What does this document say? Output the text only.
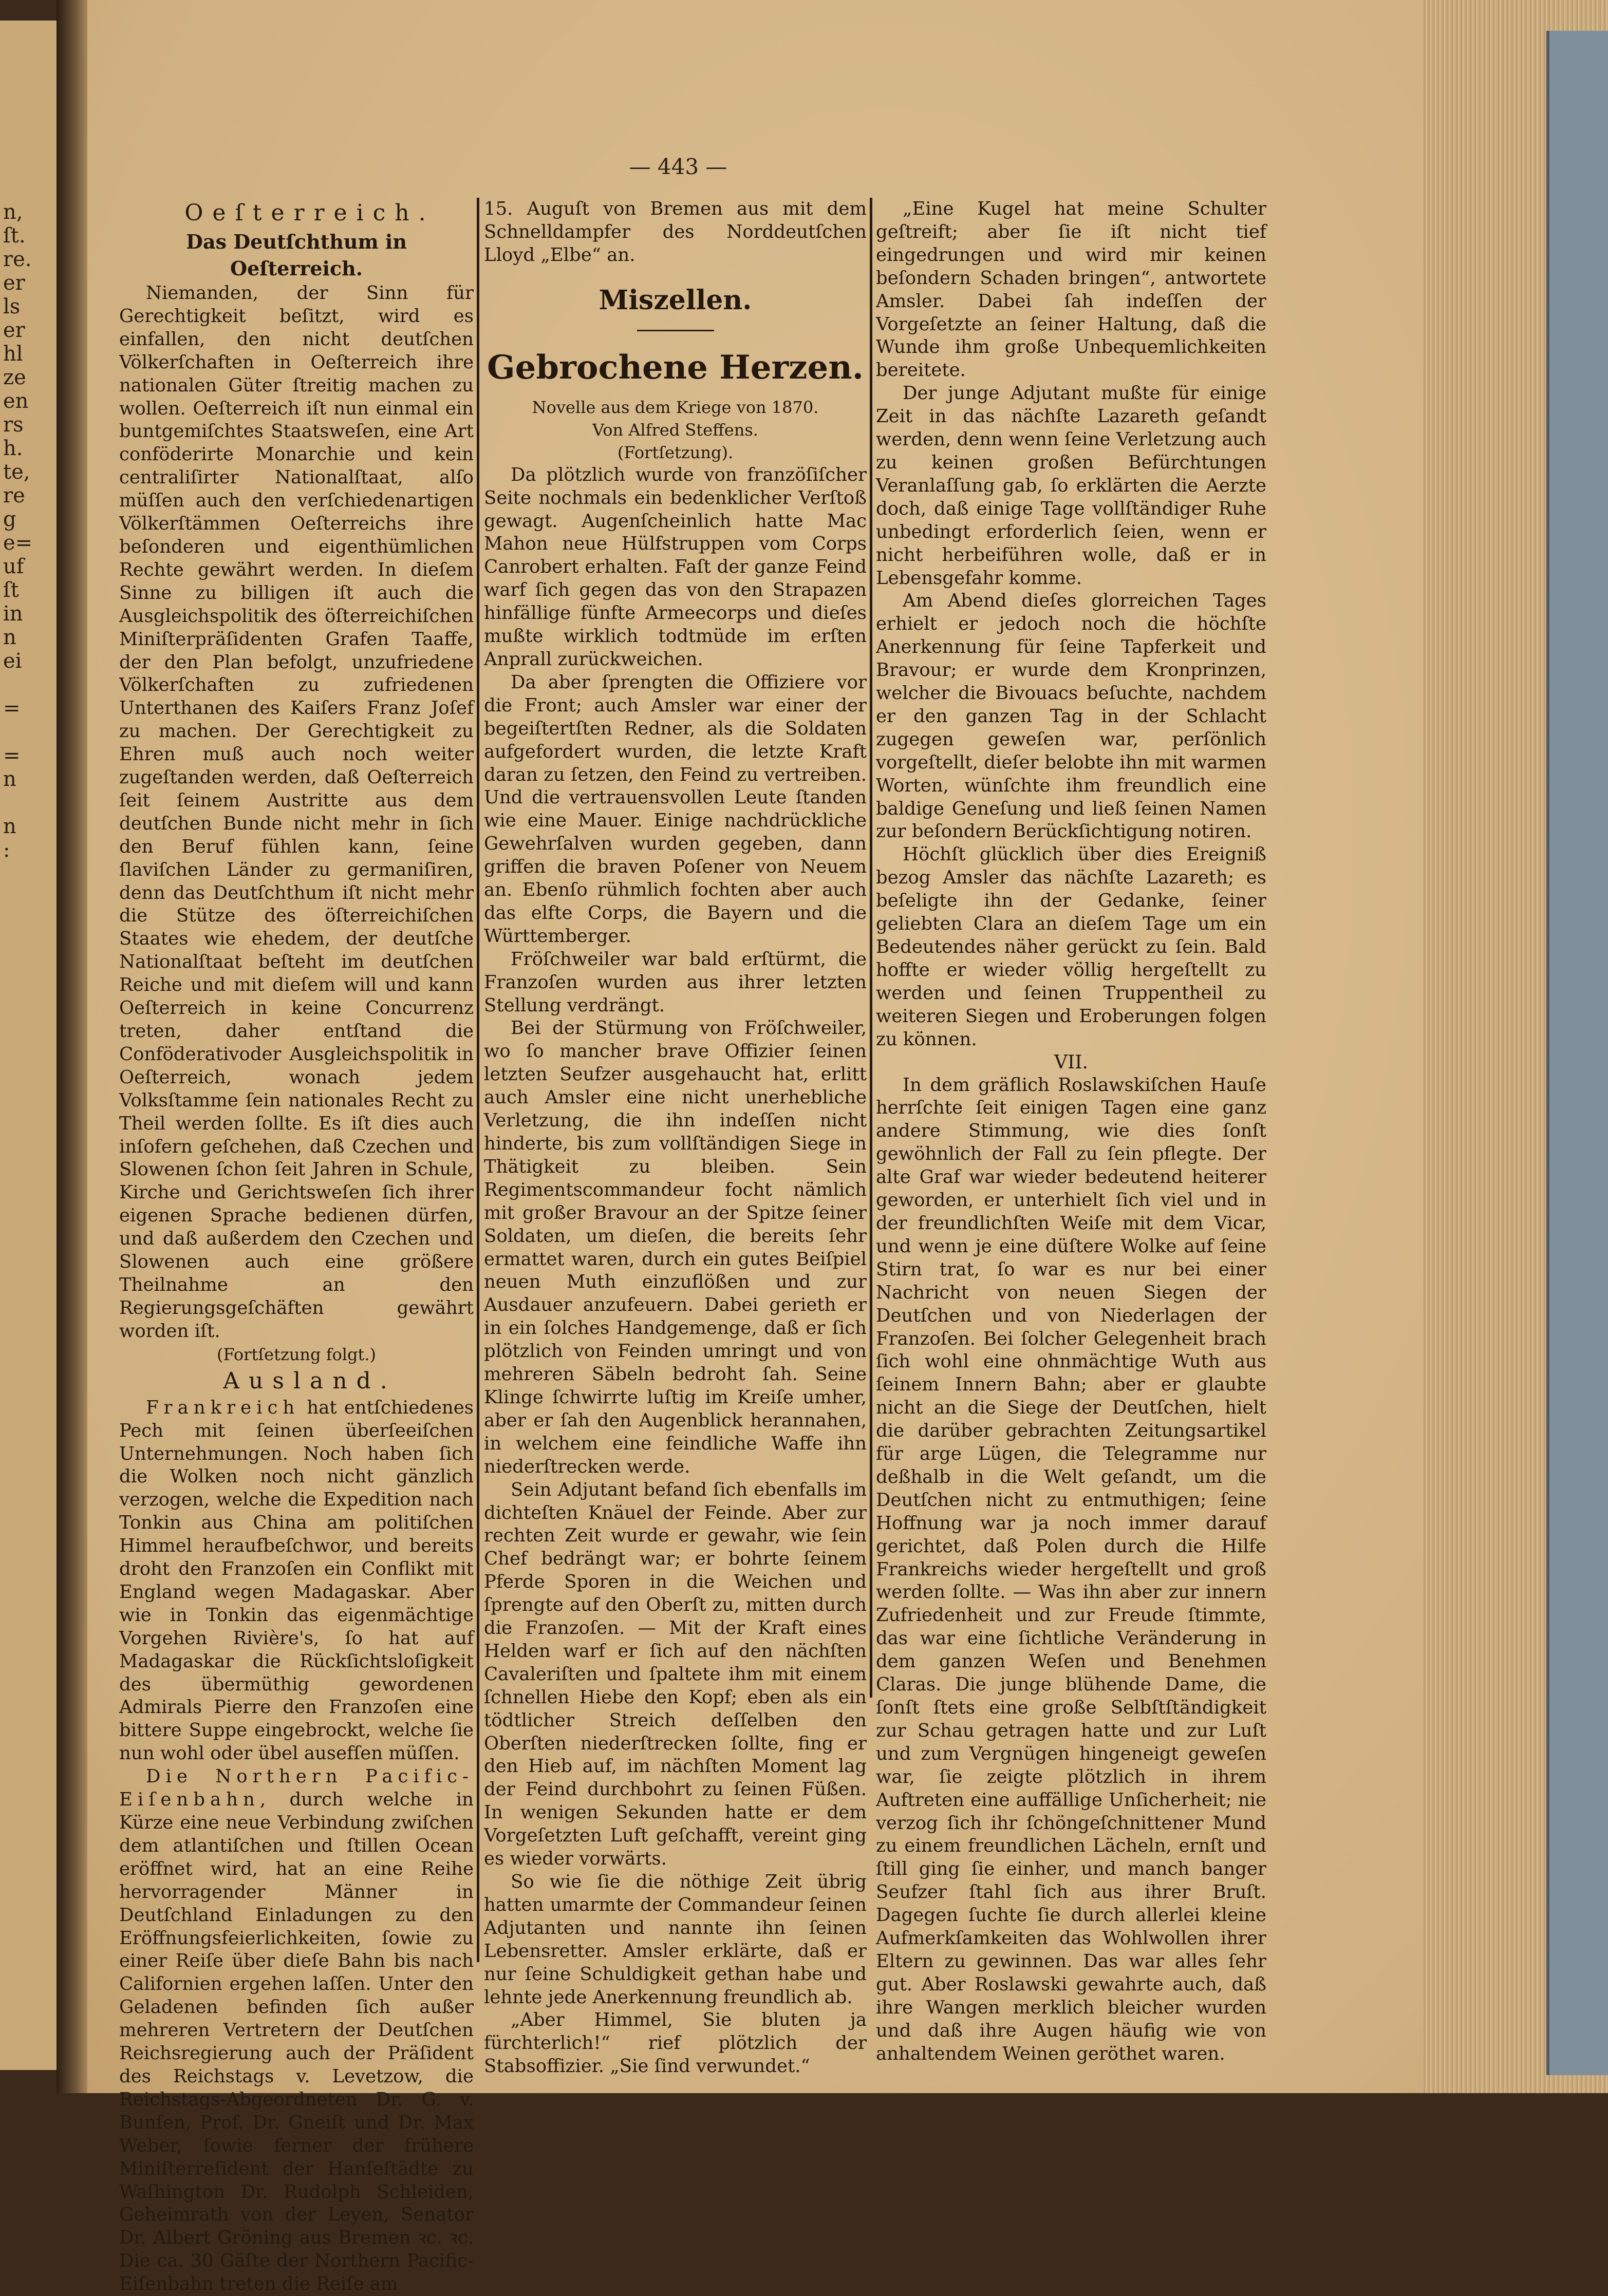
n,
ſt.
re.
er
ls
er
hl
ze
en
rs
h.
te,
re
g
e=
uf
ſt
in
n
ei

=

=
n

n
:
— 443 —

Oeſterreich.

Das Deutſchthum in Oeſterreich.

Niemanden, der Sinn für Gerechtigkeit beſitzt, wird es einfallen, den nicht deutſchen Völkerſchaften in Oeſterreich ihre nationalen Güter ſtreitig machen zu wollen. Oeſterreich iſt nun einmal ein buntgemiſchtes Staatsweſen, eine Art conföderirte Monarchie und kein centraliſirter Nationalſtaat, alſo müſſen auch den verſchiedenartigen Völkerſtämmen Oeſterreichs ihre beſonderen und eigenthümlichen Rechte gewährt werden. In dieſem Sinne zu billigen iſt auch die Ausgleichspolitik des öſterreichiſchen Miniſterpräſidenten Grafen Taaffe, der den Plan befolgt, unzufriedene Völkerſchaften zu zufriedenen Unterthanen des Kaiſers Franz Joſef zu machen. Der Gerechtigkeit zu Ehren muß auch noch weiter zugeſtanden werden, daß Oeſterreich ſeit ſeinem Austritte aus dem deutſchen Bunde nicht mehr in ſich den Beruf fühlen kann, ſeine ſlaviſchen Länder zu germaniſiren, denn das Deutſchthum iſt nicht mehr die Stütze des öſterreichiſchen Staates wie ehedem, der deutſche Nationalſtaat beſteht im deutſchen Reiche und mit dieſem will und kann Oeſterreich in keine Concurrenz treten, daher entſtand die Conföderativoder Ausgleichspolitik in Oeſterreich, wonach jedem Volksſtamme ſein nationales Recht zu Theil werden ſollte. Es iſt dies auch inſofern geſchehen, daß Czechen und Slowenen ſchon ſeit Jahren in Schule, Kirche und Gerichtsweſen ſich ihrer eigenen Sprache bedienen dürfen, und daß außerdem den Czechen und Slowenen auch eine größere Theilnahme an den Regierungsgeſchäften gewährt worden iſt.

(Fortſetzung folgt.)

Ausland.

Frankreich hat entſchiedenes Pech mit ſeinen überſeeiſchen Unternehmungen. Noch haben ſich die Wolken noch nicht gänzlich verzogen, welche die Expedition nach Tonkin aus China am politiſchen Himmel heraufbeſchwor, und bereits droht den Franzoſen ein Conflikt mit England wegen Madagaskar. Aber wie in Tonkin das eigenmächtige Vorgehen Rivière's, ſo hat auf Madagaskar die Rückſichtsloſigkeit des übermüthig gewordenen Admirals Pierre den Franzoſen eine bittere Suppe eingebrockt, welche ſie nun wohl oder übel ausefſen müſſen.

Die Northern Pacific-Eiſenbahn, durch welche in Kürze eine neue Verbindung zwiſchen dem atlantiſchen und ſtillen Ocean eröffnet wird, hat an eine Reihe hervorragender Männer in Deutſchland Einladungen zu den Eröffnungsfeierlichkeiten, ſowie zu einer Reiſe über dieſe Bahn bis nach Californien ergehen laſſen. Unter den Geladenen befinden ſich außer mehreren Vertretern der Deutſchen Reichsregierung auch der Präſident des Reichstags v. Levetzow, die Reichstags-Abgeordneten Dr. G. v. Bunſen, Prof. Dr. Gneiſt und Dr. Max Weber, ſowie ferner der frühere Miniſterreſident der Hanſeſtädte zu Waſhington Dr. Rudolph Schleiden, Geheimrath von der Leyen, Senator Dr. Albert Gröning aus Bremen ꝛc. ꝛc. Die ca. 30 Gäſte der Northern Pacific-Eiſenbahn treten die Reiſe am

15. Auguſt von Bremen aus mit dem Schnelldampfer des Norddeutſchen Lloyd „Elbe“ an.

Miszellen.
Gebrochene Herzen.
Novelle aus dem Kriege von 1870.
Von Alfred Steffens.
(Fortſetzung).

Da plötzlich wurde von franzöſiſcher Seite nochmals ein bedenklicher Verſtoß gewagt. Augenſcheinlich hatte Mac Mahon neue Hülfstruppen vom Corps Canrobert erhalten. Faſt der ganze Feind warf ſich gegen das von den Strapazen hinfällige fünfte Armeecorps und dieſes mußte wirklich todtmüde im erſten Anprall zurückweichen.

Da aber ſprengten die Offiziere vor die Front; auch Amsler war einer der begeiſtertſten Redner, als die Soldaten aufgefordert wurden, die letzte Kraft daran zu ſetzen, den Feind zu vertreiben. Und die vertrauensvollen Leute ſtanden wie eine Mauer. Einige nachdrückliche Gewehrſalven wurden gegeben, dann griffen die braven Poſener von Neuem an. Ebenſo rühmlich fochten aber auch das elfte Corps, die Bayern und die Württemberger.

Fröſchweiler war bald erſtürmt, die Franzoſen wurden aus ihrer letzten Stellung verdrängt.

Bei der Stürmung von Fröſchweiler, wo ſo mancher brave Offizier ſeinen letzten Seufzer ausgehaucht hat, erlitt auch Amsler eine nicht unerhebliche Verletzung, die ihn indeſſen nicht hinderte, bis zum vollſtändigen Siege in Thätigkeit zu bleiben. Sein Regimentscommandeur focht nämlich mit großer Bravour an der Spitze ſeiner Soldaten, um dieſen, die bereits ſehr ermattet waren, durch ein gutes Beiſpiel neuen Muth einzuflößen und zur Ausdauer anzufeuern. Dabei gerieth er in ein ſolches Handgemenge, daß er ſich plötzlich von Feinden umringt und von mehreren Säbeln bedroht ſah. Seine Klinge ſchwirrte luſtig im Kreiſe umher, aber er ſah den Augenblick herannahen, in welchem eine feindliche Waffe ihn niederſtrecken werde.

Sein Adjutant befand ſich ebenfalls im dichteſten Knäuel der Feinde. Aber zur rechten Zeit wurde er gewahr, wie ſein Chef bedrängt war; er bohrte ſeinem Pferde Sporen in die Weichen und ſprengte auf den Oberſt zu, mitten durch die Franzoſen. — Mit der Kraft eines Helden warf er ſich auf den nächſten Cavaleriſten und ſpaltete ihm mit einem ſchnellen Hiebe den Kopf; eben als ein tödtlicher Streich deſſelben den Oberſten niederſtrecken ſollte, fing er den Hieb auf, im nächſten Moment lag der Feind durchbohrt zu ſeinen Füßen. In wenigen Sekunden hatte er dem Vorgeſetzten Luft geſchafft, vereint ging es wieder vorwärts.

So wie ſie die nöthige Zeit übrig hatten umarmte der Commandeur ſeinen Adjutanten und nannte ihn ſeinen Lebensretter. Amsler erklärte, daß er nur ſeine Schuldigkeit gethan habe und lehnte jede Anerkennung freundlich ab.

„Aber Himmel, Sie bluten ja fürchterlich!“ rief plötzlich der Stabsoffizier. „Sie ſind verwundet.“

„Eine Kugel hat meine Schulter geſtreift; aber ſie iſt nicht tief eingedrungen und wird mir keinen beſondern Schaden bringen“, antwortete Amsler. Dabei ſah indeſſen der Vorgeſetzte an ſeiner Haltung, daß die Wunde ihm große Unbequemlichkeiten bereitete.

Der junge Adjutant mußte für einige Zeit in das nächſte Lazareth geſandt werden, denn wenn ſeine Verletzung auch zu keinen großen Befürchtungen Veranlaſſung gab, ſo erklärten die Aerzte doch, daß einige Tage vollſtändiger Ruhe unbedingt erforderlich ſeien, wenn er nicht herbeiführen wolle, daß er in Lebensgefahr komme.

Am Abend dieſes glorreichen Tages erhielt er jedoch noch die höchſte Anerkennung für ſeine Tapferkeit und Bravour; er wurde dem Kronprinzen, welcher die Bivouacs beſuchte, nachdem er den ganzen Tag in der Schlacht zugegen geweſen war, perſönlich vorgeſtellt, dieſer belobte ihn mit warmen Worten, wünſchte ihm freundlich eine baldige Geneſung und ließ ſeinen Namen zur beſondern Berückſichtigung notiren.

Höchſt glücklich über dies Ereigniß bezog Amsler das nächſte Lazareth; es beſeligte ihn der Gedanke, ſeiner geliebten Clara an dieſem Tage um ein Bedeutendes näher gerückt zu ſein. Bald hoffte er wieder völlig hergeſtellt zu werden und ſeinen Truppentheil zu weiteren Siegen und Eroberungen folgen zu können.

VII.

In dem gräflich Roslawskiſchen Hauſe herrſchte ſeit einigen Tagen eine ganz andere Stimmung, wie dies ſonſt gewöhnlich der Fall zu ſein pflegte. Der alte Graf war wieder bedeutend heiterer geworden, er unterhielt ſich viel und in der freundlichſten Weiſe mit dem Vicar, und wenn je eine düſtere Wolke auf ſeine Stirn trat, ſo war es nur bei einer Nachricht von neuen Siegen der Deutſchen und von Niederlagen der Franzoſen. Bei ſolcher Gelegenheit brach ſich wohl eine ohnmächtige Wuth aus ſeinem Innern Bahn; aber er glaubte nicht an die Siege der Deutſchen, hielt die darüber gebrachten Zeitungsartikel für arge Lügen, die Telegramme nur deßhalb in die Welt geſandt, um die Deutſchen nicht zu entmuthigen; ſeine Hoffnung war ja noch immer darauf gerichtet, daß Polen durch die Hilfe Frankreichs wieder hergeſtellt und groß werden ſollte. — Was ihn aber zur innern Zufriedenheit und zur Freude ſtimmte, das war eine ſichtliche Veränderung in dem ganzen Weſen und Benehmen Claras. Die junge blühende Dame, die ſonſt ſtets eine große Selbſtſtändigkeit zur Schau getragen hatte und zur Luſt und zum Vergnügen hingeneigt geweſen war, ſie zeigte plötzlich in ihrem Auftreten eine auffällige Unſicherheit; nie verzog ſich ihr ſchöngeſchnittener Mund zu einem freundlichen Lächeln, ernſt und ſtill ging ſie einher, und manch banger Seufzer ſtahl ſich aus ihrer Bruſt. Dagegen ſuchte ſie durch allerlei kleine Aufmerkſamkeiten das Wohlwollen ihrer Eltern zu gewinnen. Das war alles ſehr gut. Aber Roslawski gewahrte auch, daß ihre Wangen merklich bleicher wurden und daß ihre Augen häufig wie von anhaltendem Weinen geröthet waren.
